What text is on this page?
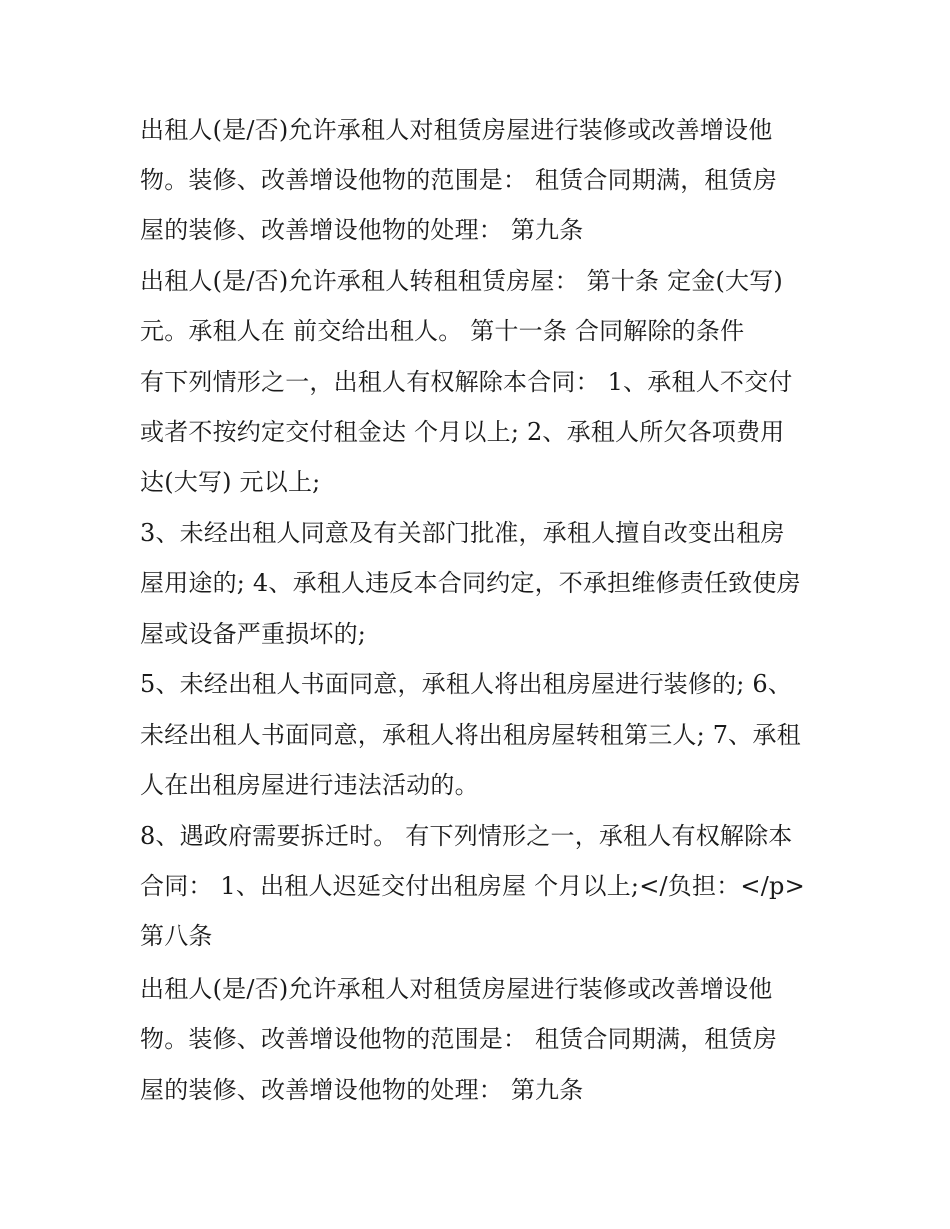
出租人(是/否)允许承租人对租赁房屋进行装修或改善增设他
物。装修、改善增设他物的范围是： 租赁合同期满，租赁房
屋的装修、改善增设他物的处理： 第九条
出租人(是/否)允许承租人转租租赁房屋： 第十条 定金(大写)
元。承租人在 前交给出租人。 第十一条 合同解除的条件
有下列情形之一，出租人有权解除本合同： 1、承租人不交付
或者不按约定交付租金达 个月以上; 2、承租人所欠各项费用
达(大写) 元以上;
3、未经出租人同意及有关部门批准，承租人擅自改变出租房
屋用途的; 4、承租人违反本合同约定，不承担维修责任致使房
屋或设备严重损坏的;
5、未经出租人书面同意，承租人将出租房屋进行装修的; 6、
未经出租人书面同意，承租人将出租房屋转租第三人; 7、承租
人在出租房屋进行违法活动的。
8、遇政府需要拆迁时。 有下列情形之一，承租人有权解除本
合同： 1、出租人迟延交付出租房屋 个月以上;</负担：</p>
第八条
出租人(是/否)允许承租人对租赁房屋进行装修或改善增设他
物。装修、改善增设他物的范围是： 租赁合同期满，租赁房
屋的装修、改善增设他物的处理： 第九条
